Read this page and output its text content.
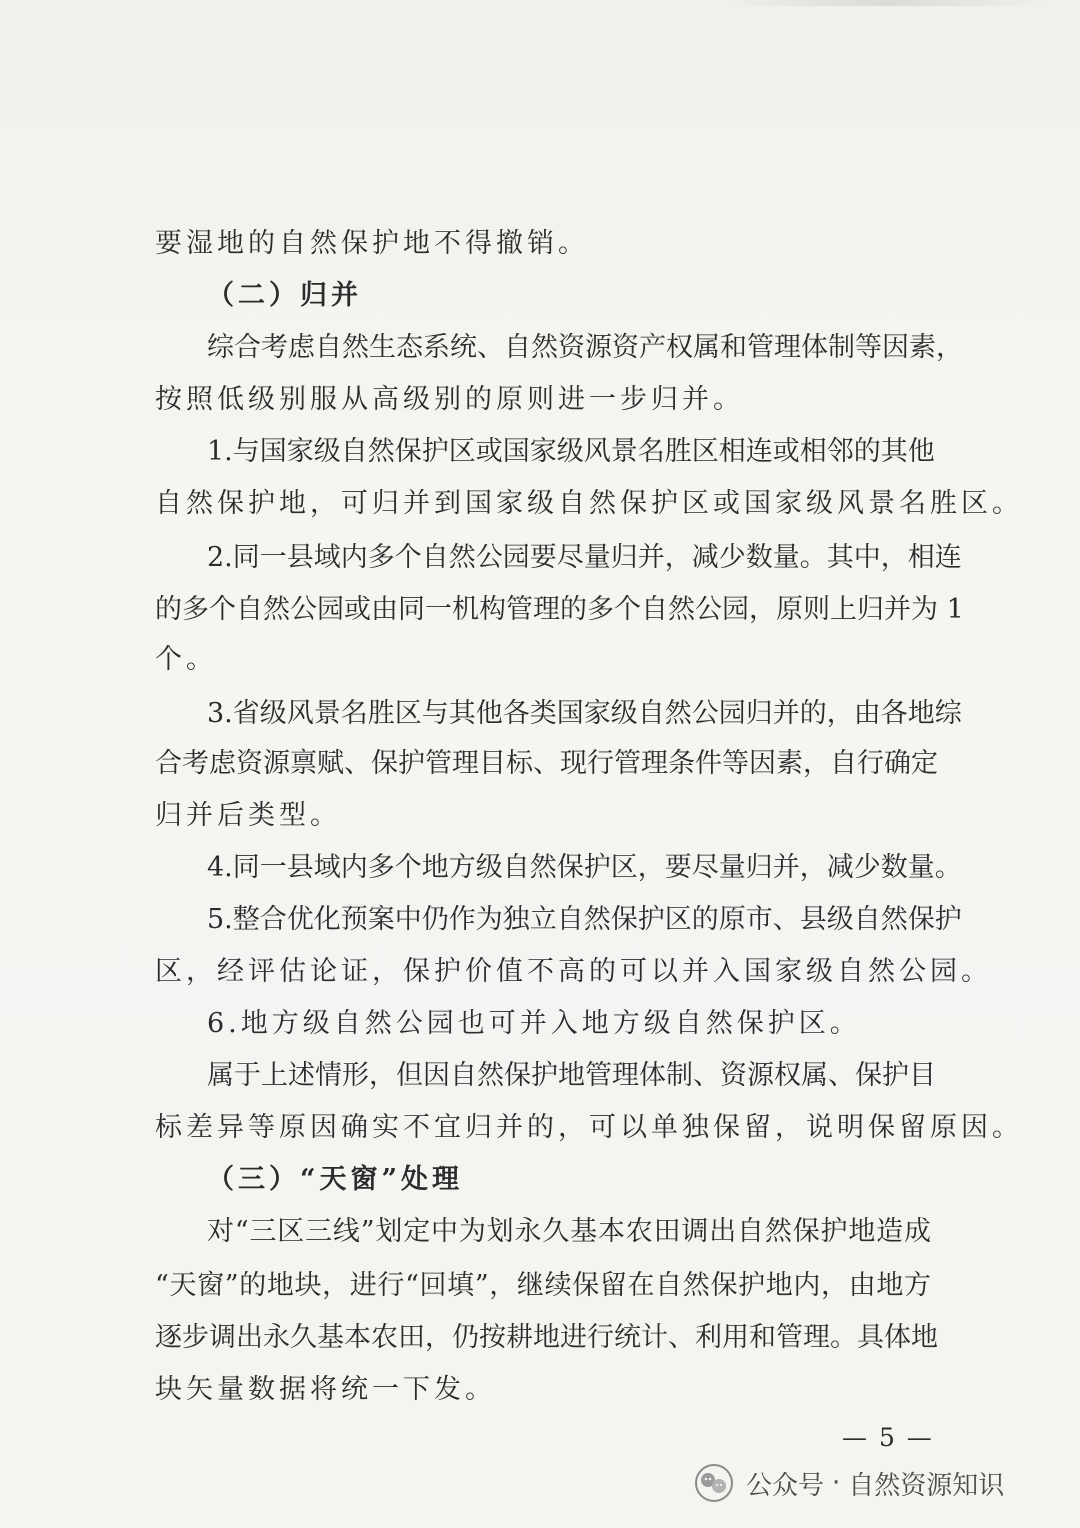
要湿地的自然保护地不得撤销。
（二）归并
综合考虑自然生态系统、自然资源资产权属和管理体制等因素，
按照低级别服从高级别的原则进一步归并。
1.与国家级自然保护区或国家级风景名胜区相连或相邻的其他
自然保护地，可归并到国家级自然保护区或国家级风景名胜区。
2.同一县域内多个自然公园要尽量归并，减少数量。其中，相连
的多个自然公园或由同一机构管理的多个自然公园，原则上归并为 1
个。
3.省级风景名胜区与其他各类国家级自然公园归并的，由各地综
合考虑资源禀赋、保护管理目标、现行管理条件等因素，自行确定
归并后类型。
4.同一县域内多个地方级自然保护区，要尽量归并，减少数量。
5.整合优化预案中仍作为独立自然保护区的原市、县级自然保护
区，经评估论证，保护价值不高的可以并入国家级自然公园。
6.地方级自然公园也可并入地方级自然保护区。
属于上述情形，但因自然保护地管理体制、资源权属、保护目
标差异等原因确实不宜归并的，可以单独保留，说明保留原因。
（三）“天窗”处理
对“三区三线”划定中为划永久基本农田调出自然保护地造成
“天窗”的地块，进行“回填”，继续保留在自然保护地内，由地方
逐步调出永久基本农田，仍按耕地进行统计、利用和管理。具体地
块矢量数据将统一下发。
— 5 —
公众号 · 自然资源知识
